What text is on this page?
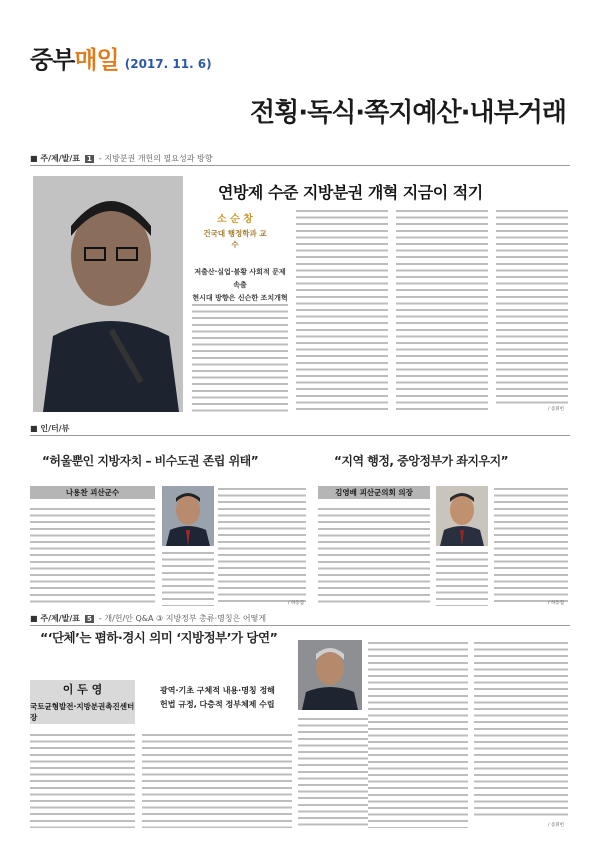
중부매일 (2017. 11. 6)
전횡·독식·쪽지예산·내부거래
■ 주/제/발/표 1 - 지방분권 개헌의 필요성과 방향
연방제 수준 지방분권 개혁 지금이 적기
소 순 창
건국대 행정학과 교수
저출산·실업·불황 사회적 문제 속출
현시대 방향은 신슨한 조치개혁
/ 송휘헌
■ 인/터/뷰
“허울뿐인 지방자치 – 비수도권 존립 위태”	“지역 행정, 중앙정부가 좌지우지”
나용찬 괴산군수	김영배 괴산군의회 의장
/ 하동집	/ 하동집
■ 주/제/발/표 5 - 개/헌/안 Q&A ③ 지방정부 총류·명칭은 어떻게
“‘단체’는 폄하·경시 의미 ‘지방정부’가 당연”
이 두 영
국토균형발전·지방분권촉진센터장
광역·기초 구체적 내용·명칭 정해
헌법 규정, 다층적 정부체제 수립
/ 송휘헌
